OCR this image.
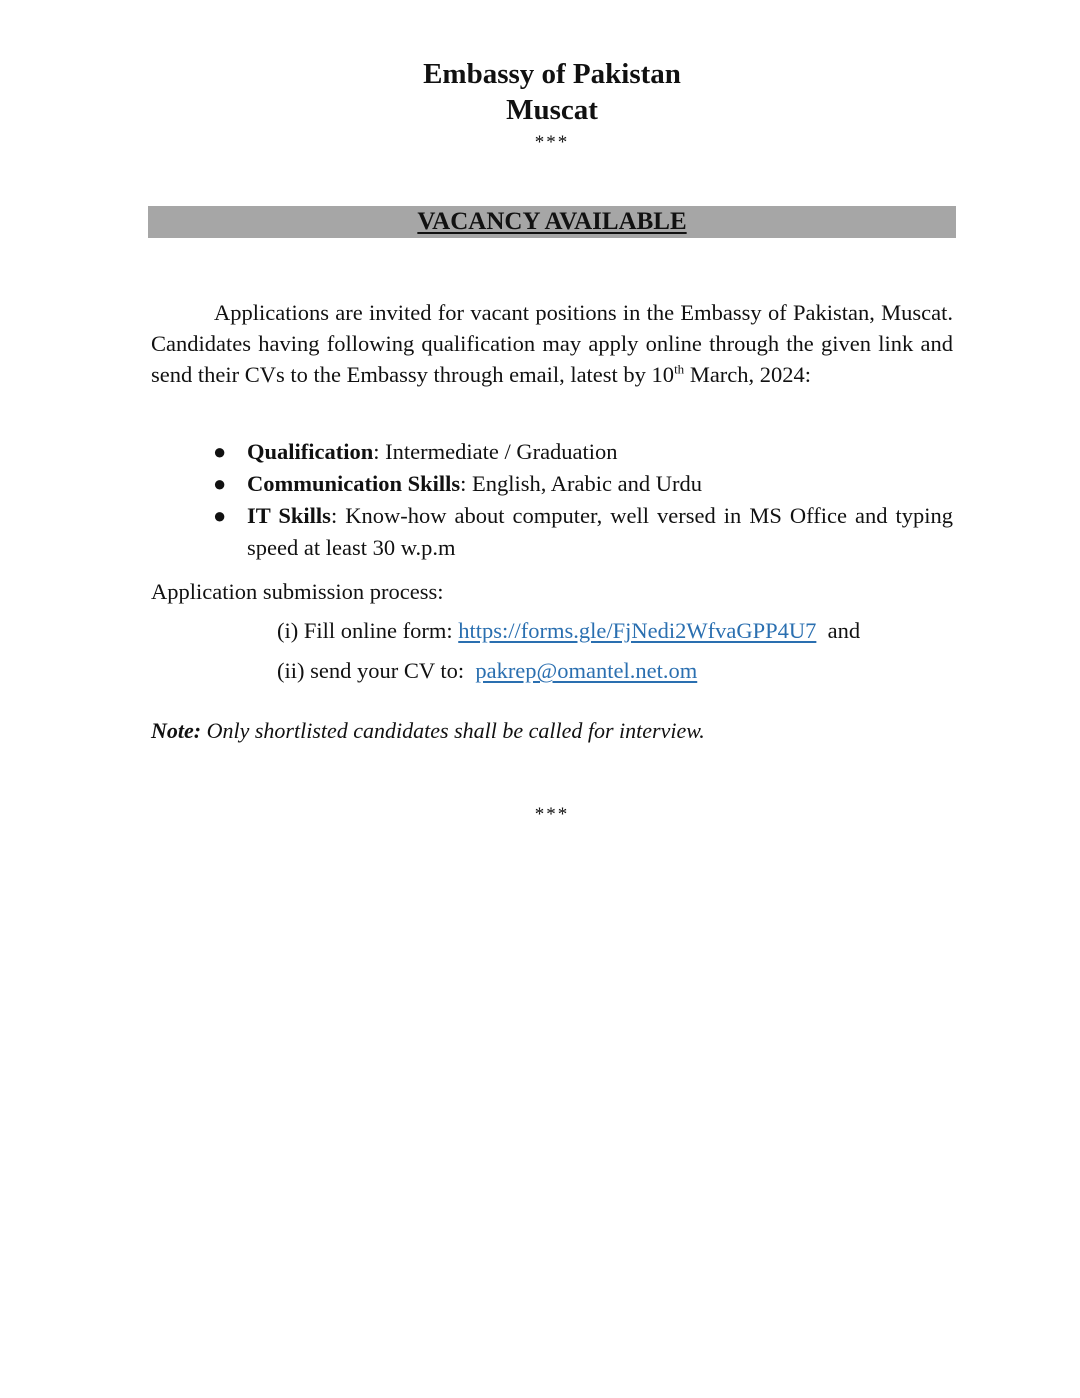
Embassy of Pakistan
Muscat
***
VACANCY AVAILABLE

Applications are invited for vacant positions in the Embassy of Pakistan, Muscat. Candidates having following qualification may apply online through the given link and send their CVs to the Embassy through email, latest by 10th March, 2024:

● Qualification: Intermediate / Graduation
● Communication Skills: English, Arabic and Urdu
● IT Skills: Know-how about computer, well versed in MS Office and typing speed at least 30 w.p.m
Application submission process:
(i) Fill online form: https://forms.gle/FjNedi2WfvaGPP4U7  and
(ii) send your CV to:  pakrep@omantel.net.om
Note: Only shortlisted candidates shall be called for interview.
***
